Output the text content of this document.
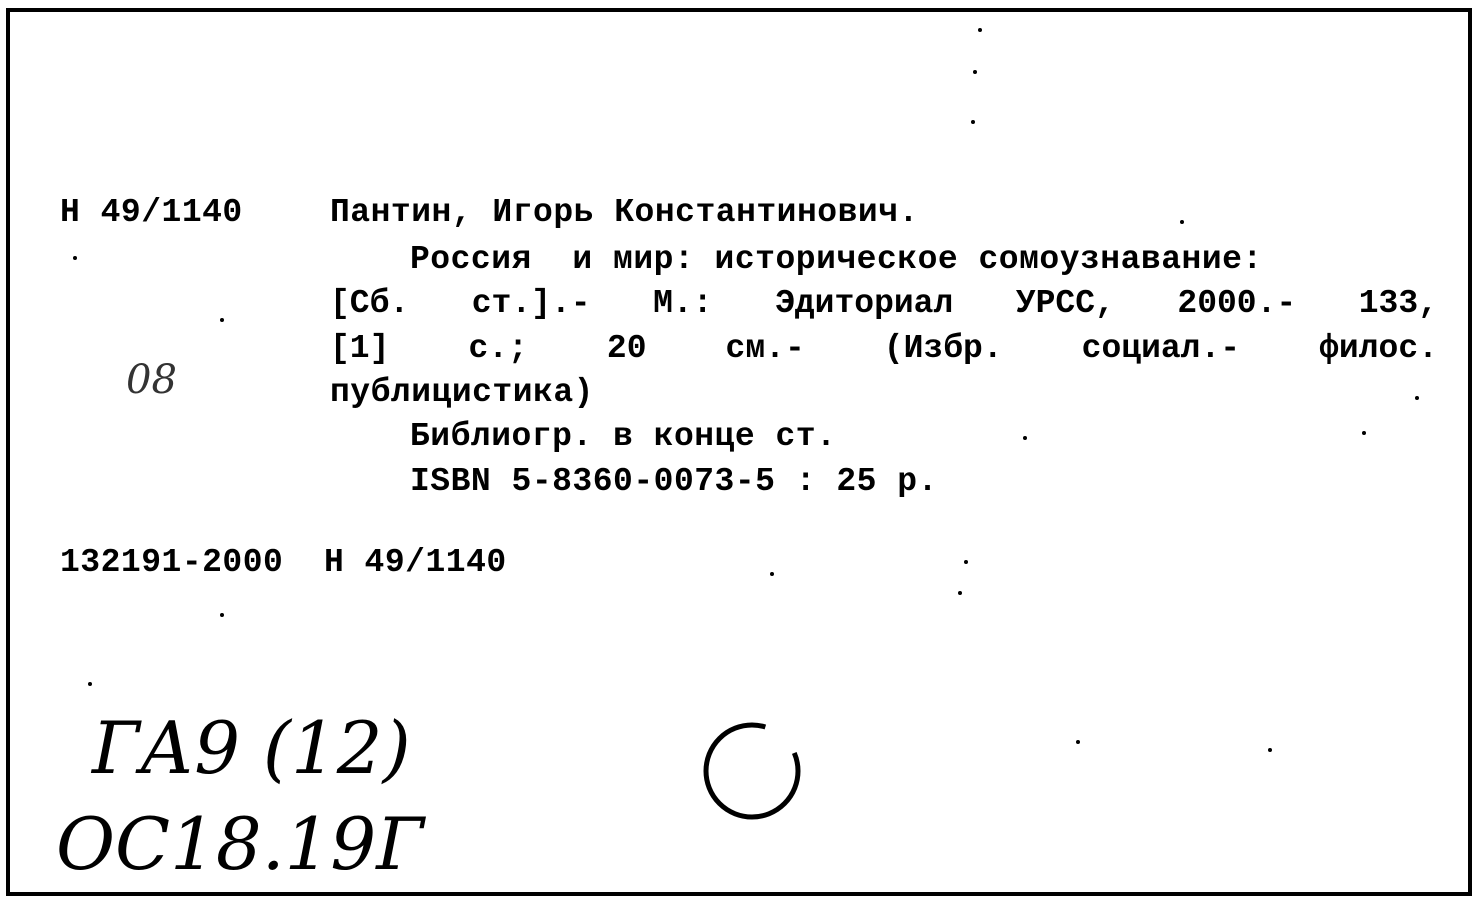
Н 49/1140	Пантин, Игорь Константинович.
Россия  и мир: историческое сомоузнавание:
[Сб. ст.].- М.: Эдиториал УРСС, 2000.- 133,
[1] с.; 20 см.- (Избр. социал.- филос.
публицистика)
Библиогр. в конце ст.
ISBN 5-8360-0073-5 : 25 р.
132191-2000  Н 49/1140
08
ГА9 (12)
ОС18.19Г
